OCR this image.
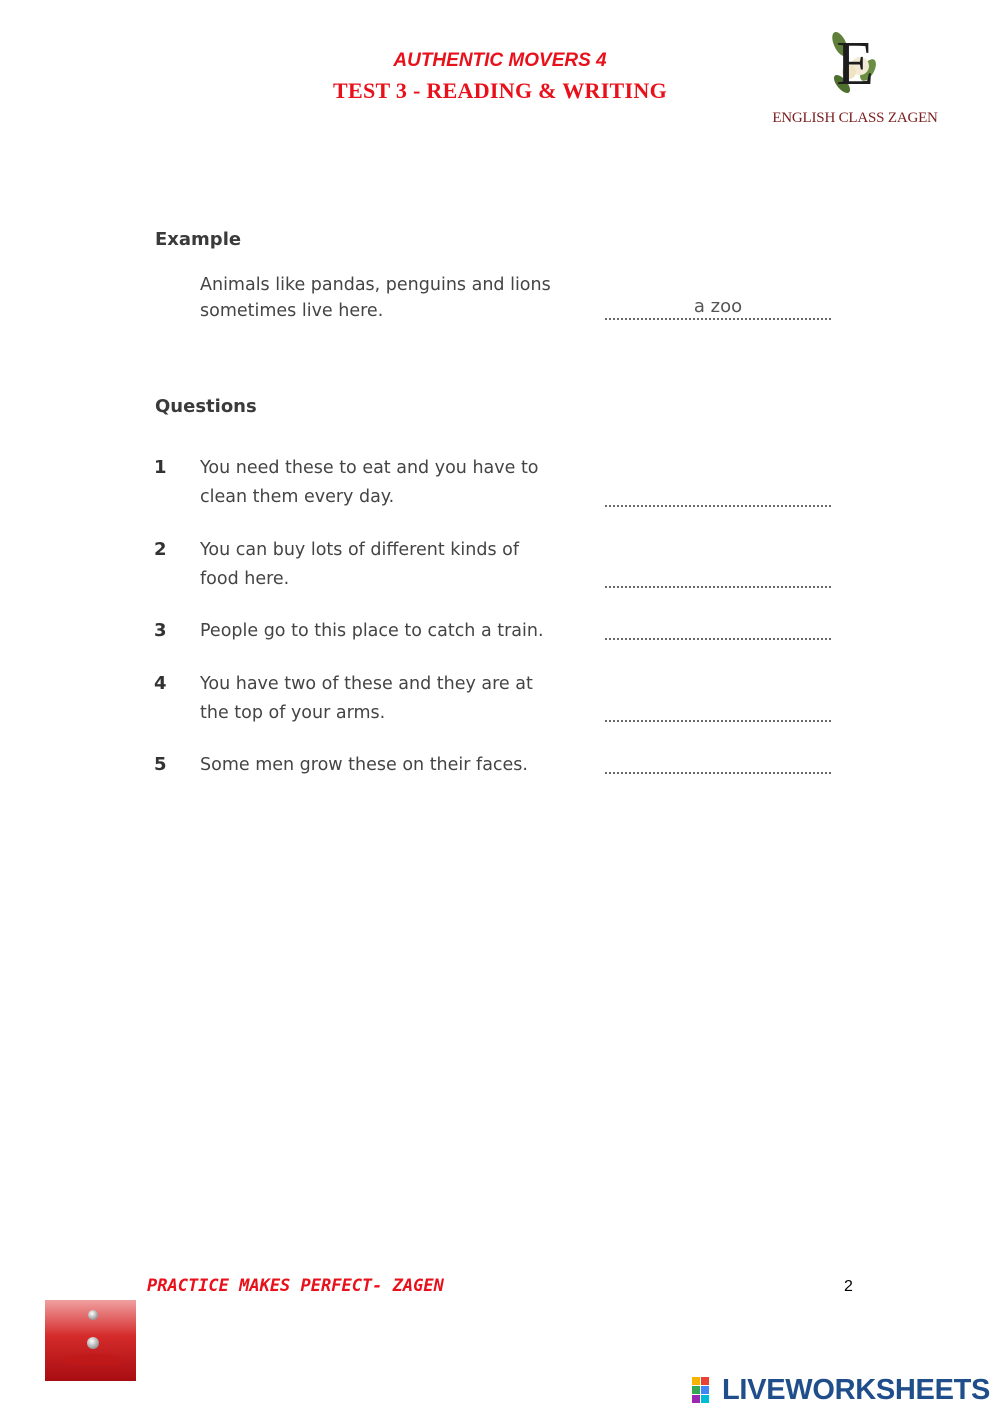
AUTHENTIC MOVERS 4
TEST 3 - READING & WRITING	E
ENGLISH CLASS ZAGEN
Example
Animals like pandas, penguins and lions
sometimes live here.	a zoo
Questions
1 You need these to eat and you have to
clean them every day.
2 You can buy lots of different kinds of
food here.
3 People go to this place to catch a train.
4 You have two of these and they are at
the top of your arms.
5 Some men grow these on their faces.
PRACTICE MAKES PERFECT- ZAGEN	2
LIVEWORKSHEETS
